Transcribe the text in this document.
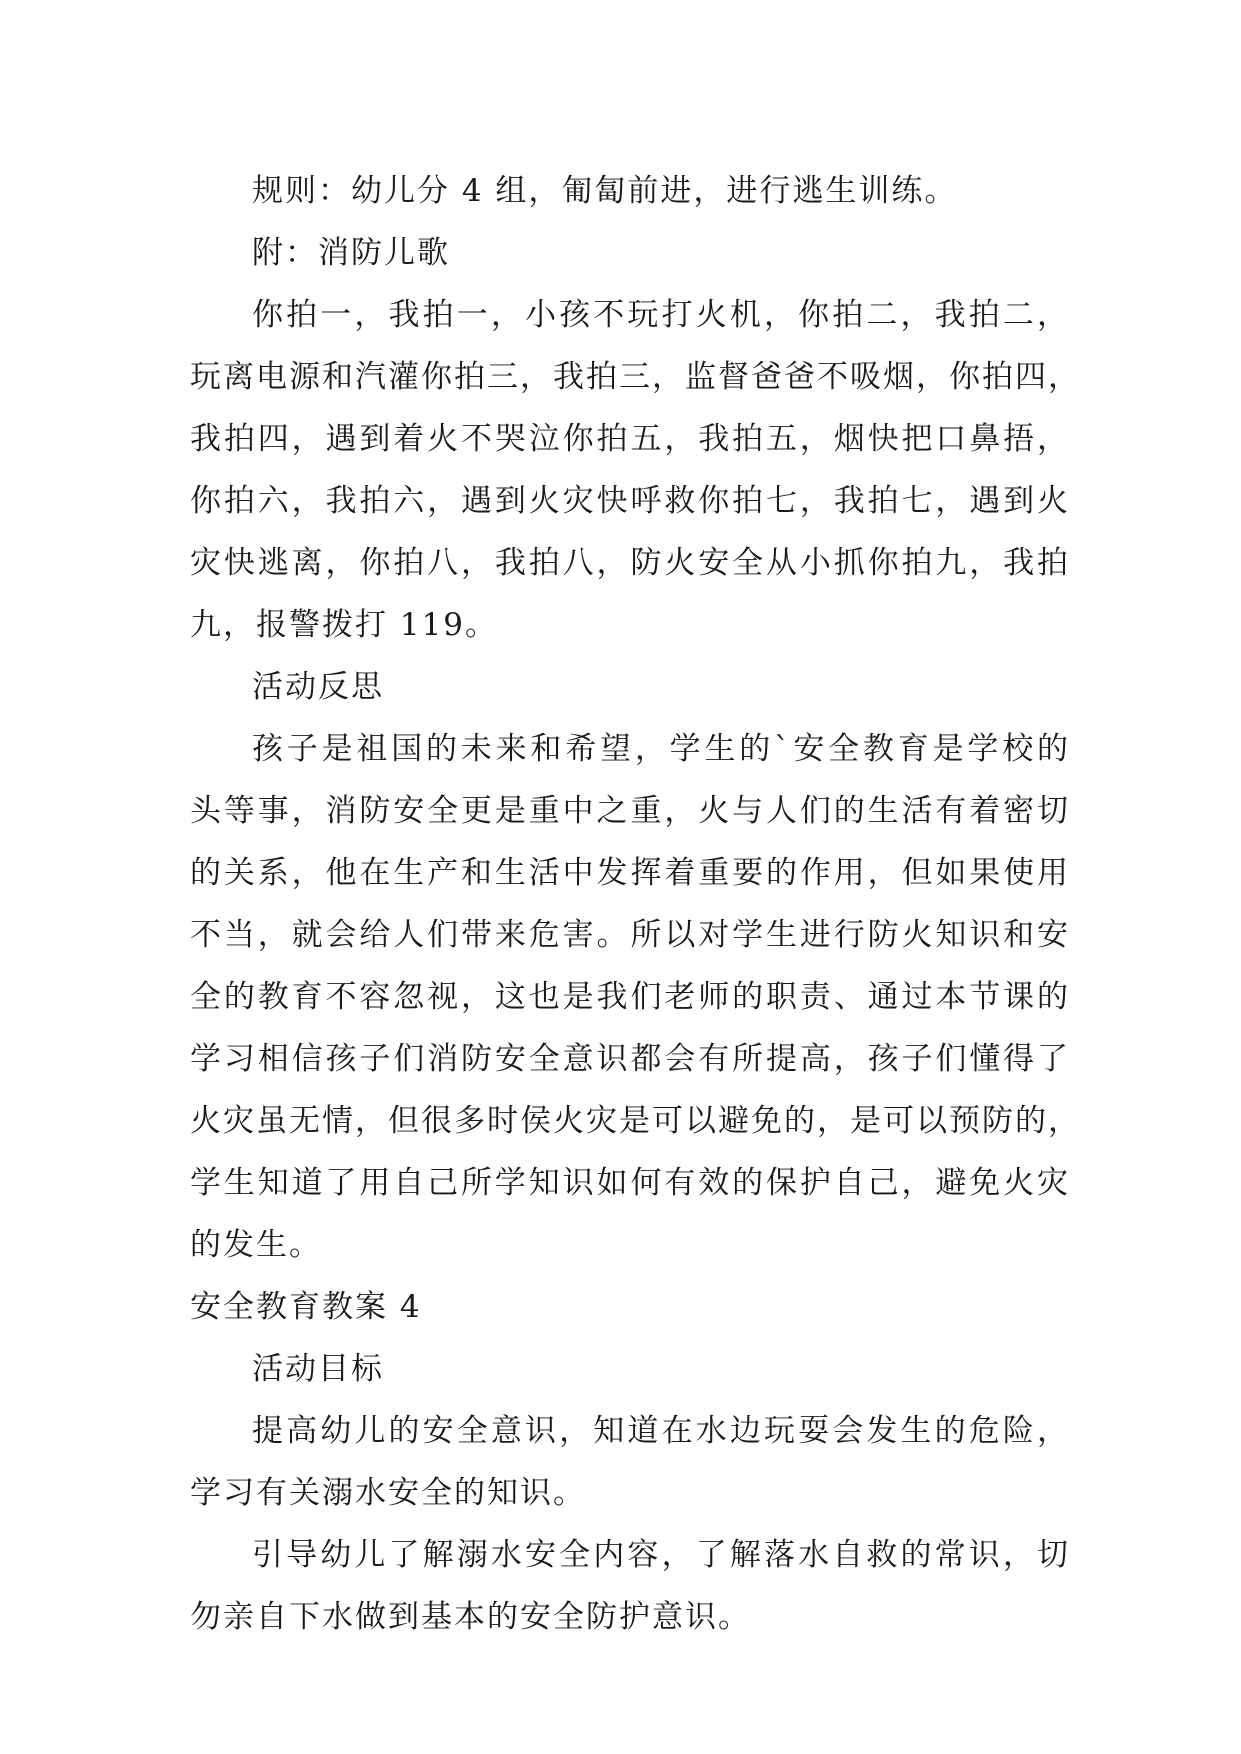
规则：幼儿分 4 组，匍匐前进，进行逃生训练。
附：消防儿歌
你拍一，我拍一，小孩不玩打火机，你拍二，我拍二，
玩离电源和汽灌你拍三，我拍三，监督爸爸不吸烟，你拍四，
我拍四，遇到着火不哭泣你拍五，我拍五，烟快把口鼻捂，
你拍六，我拍六，遇到火灾快呼救你拍七，我拍七，遇到火
灾快逃离，你拍八，我拍八，防火安全从小抓你拍九，我拍
九，报警拨打 119。
活动反思
孩子是祖国的未来和希望，学生的`安全教育是学校的
头等事，消防安全更是重中之重，火与人们的生活有着密切
的关系，他在生产和生活中发挥着重要的作用，但如果使用
不当，就会给人们带来危害。所以对学生进行防火知识和安
全的教育不容忽视，这也是我们老师的职责、通过本节课的
学习相信孩子们消防安全意识都会有所提高，孩子们懂得了
火灾虽无情，但很多时侯火灾是可以避免的，是可以预防的，
学生知道了用自己所学知识如何有效的保护自己，避免火灾
的发生。
安全教育教案 4
活动目标
提高幼儿的安全意识，知道在水边玩耍会发生的危险，
学习有关溺水安全的知识。
引导幼儿了解溺水安全内容，了解落水自救的常识，切
勿亲自下水做到基本的安全防护意识。
